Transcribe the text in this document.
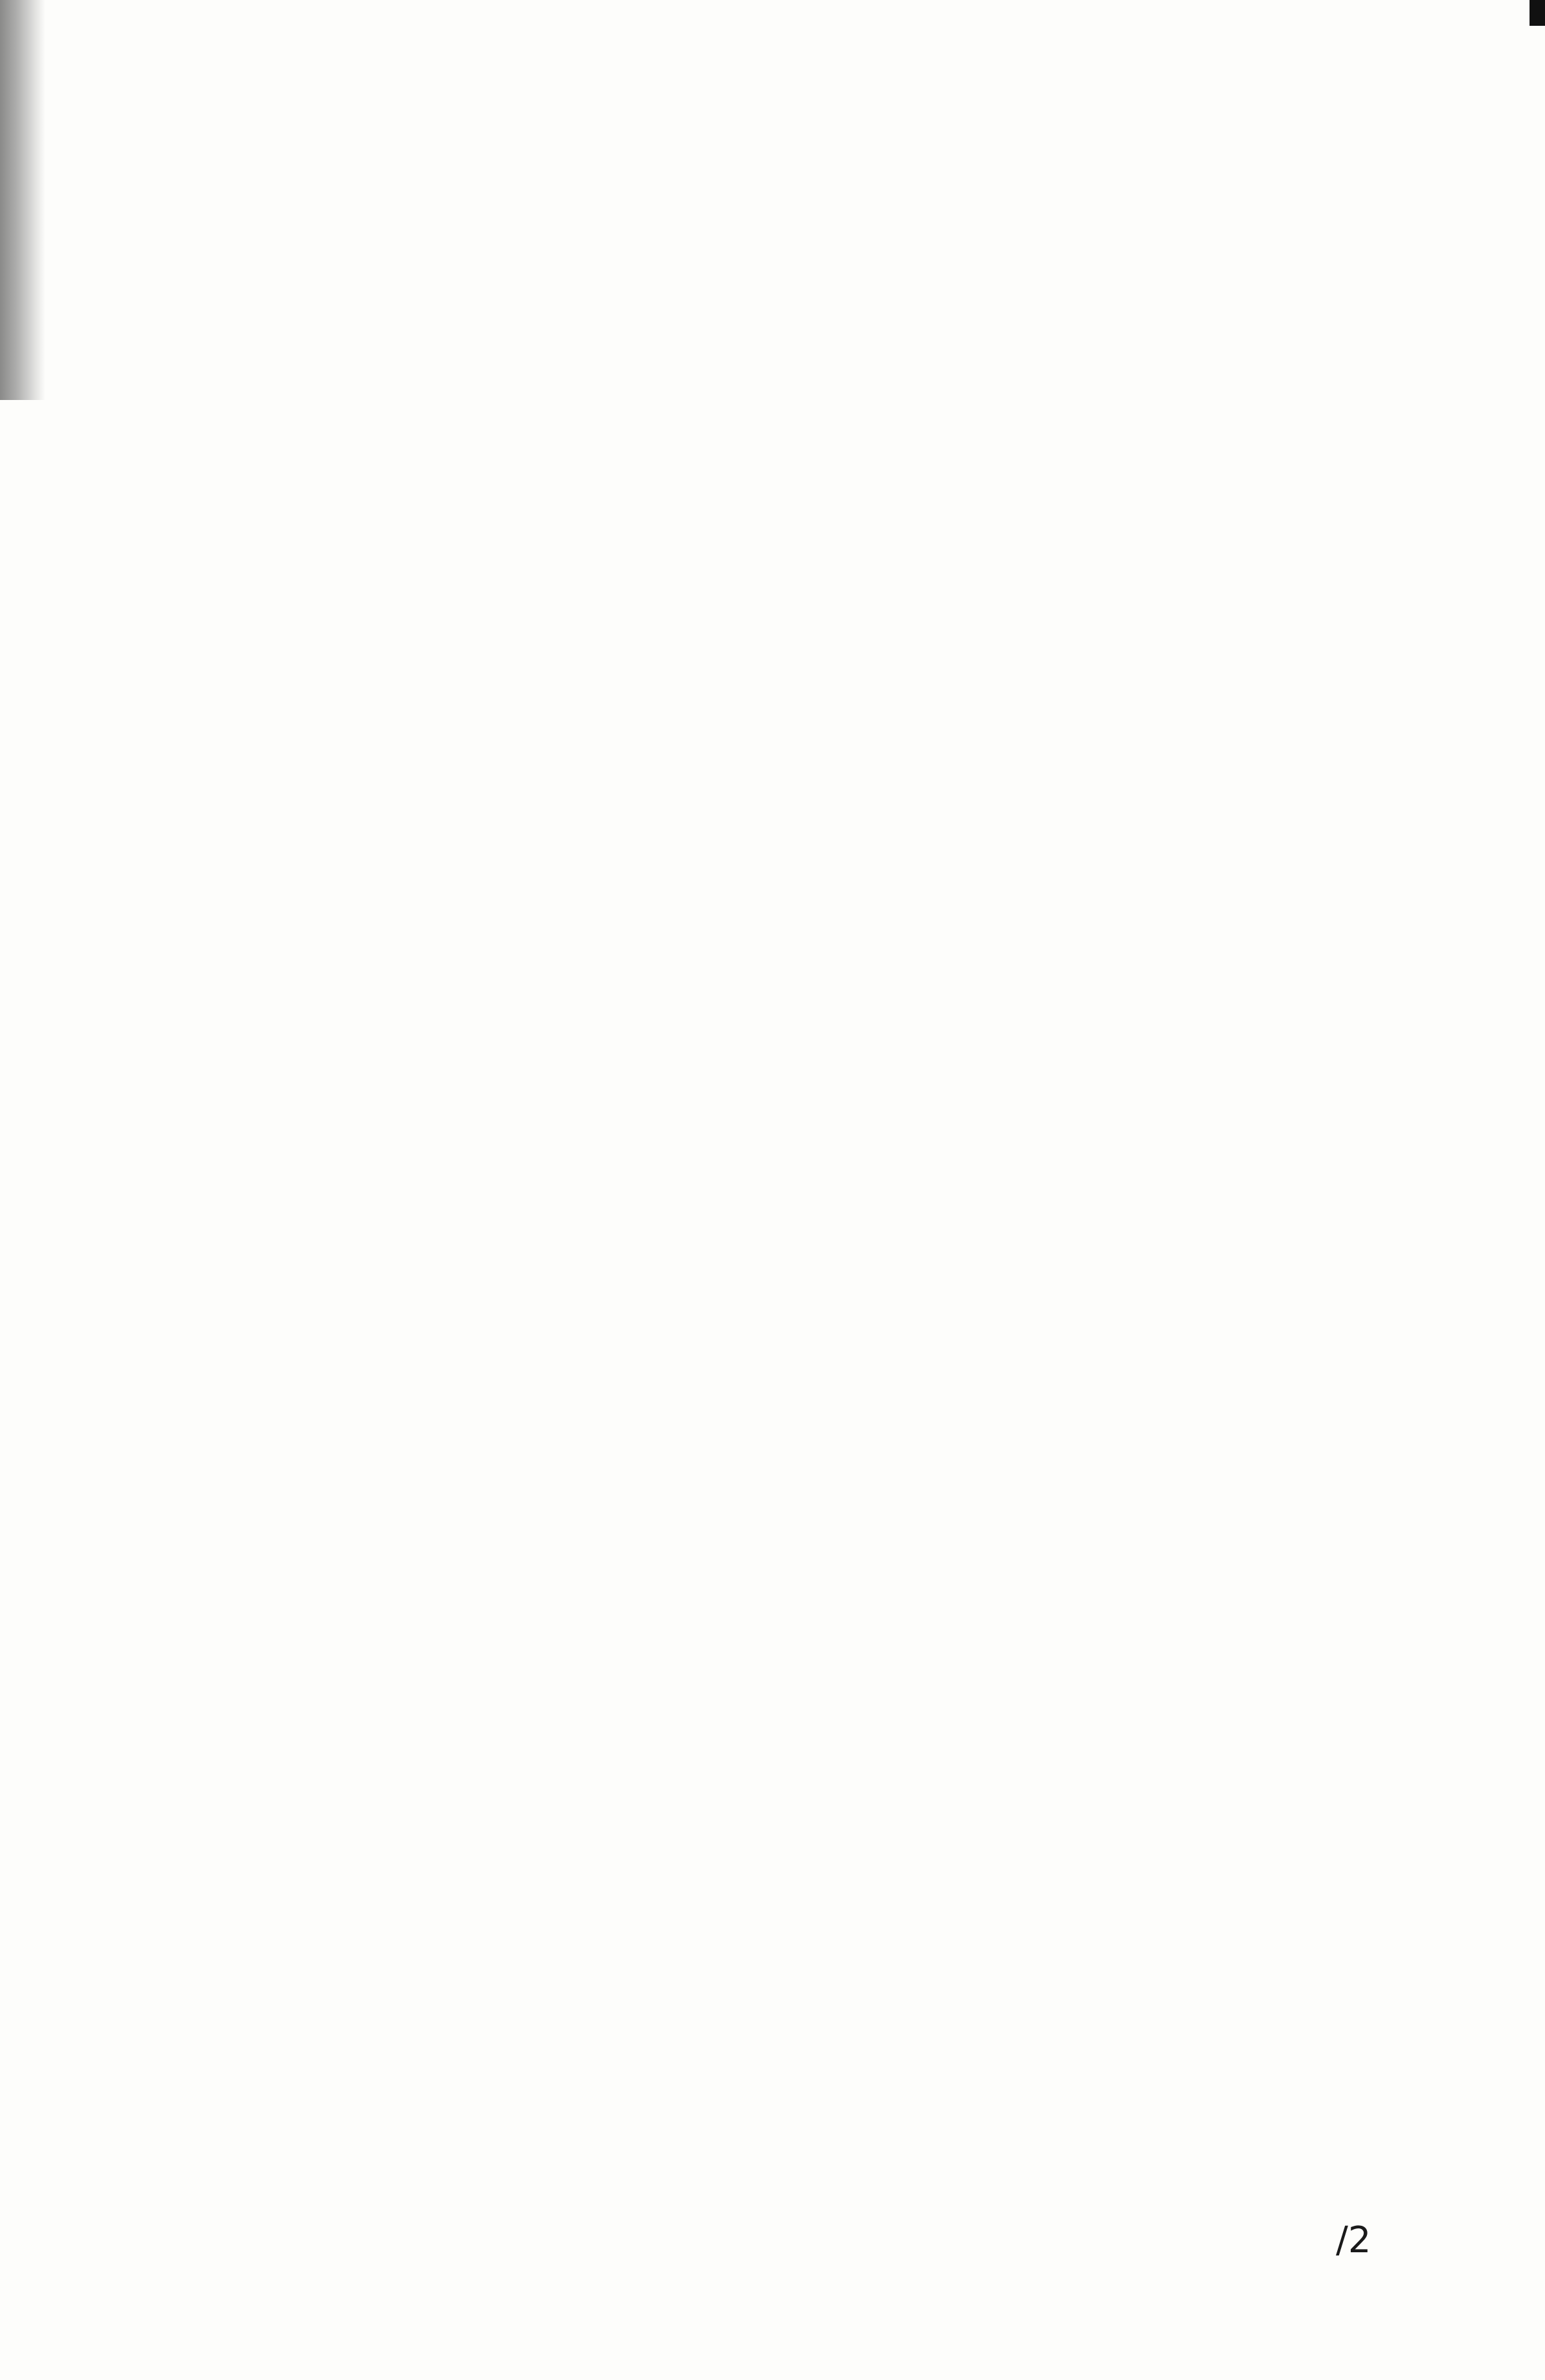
/2
